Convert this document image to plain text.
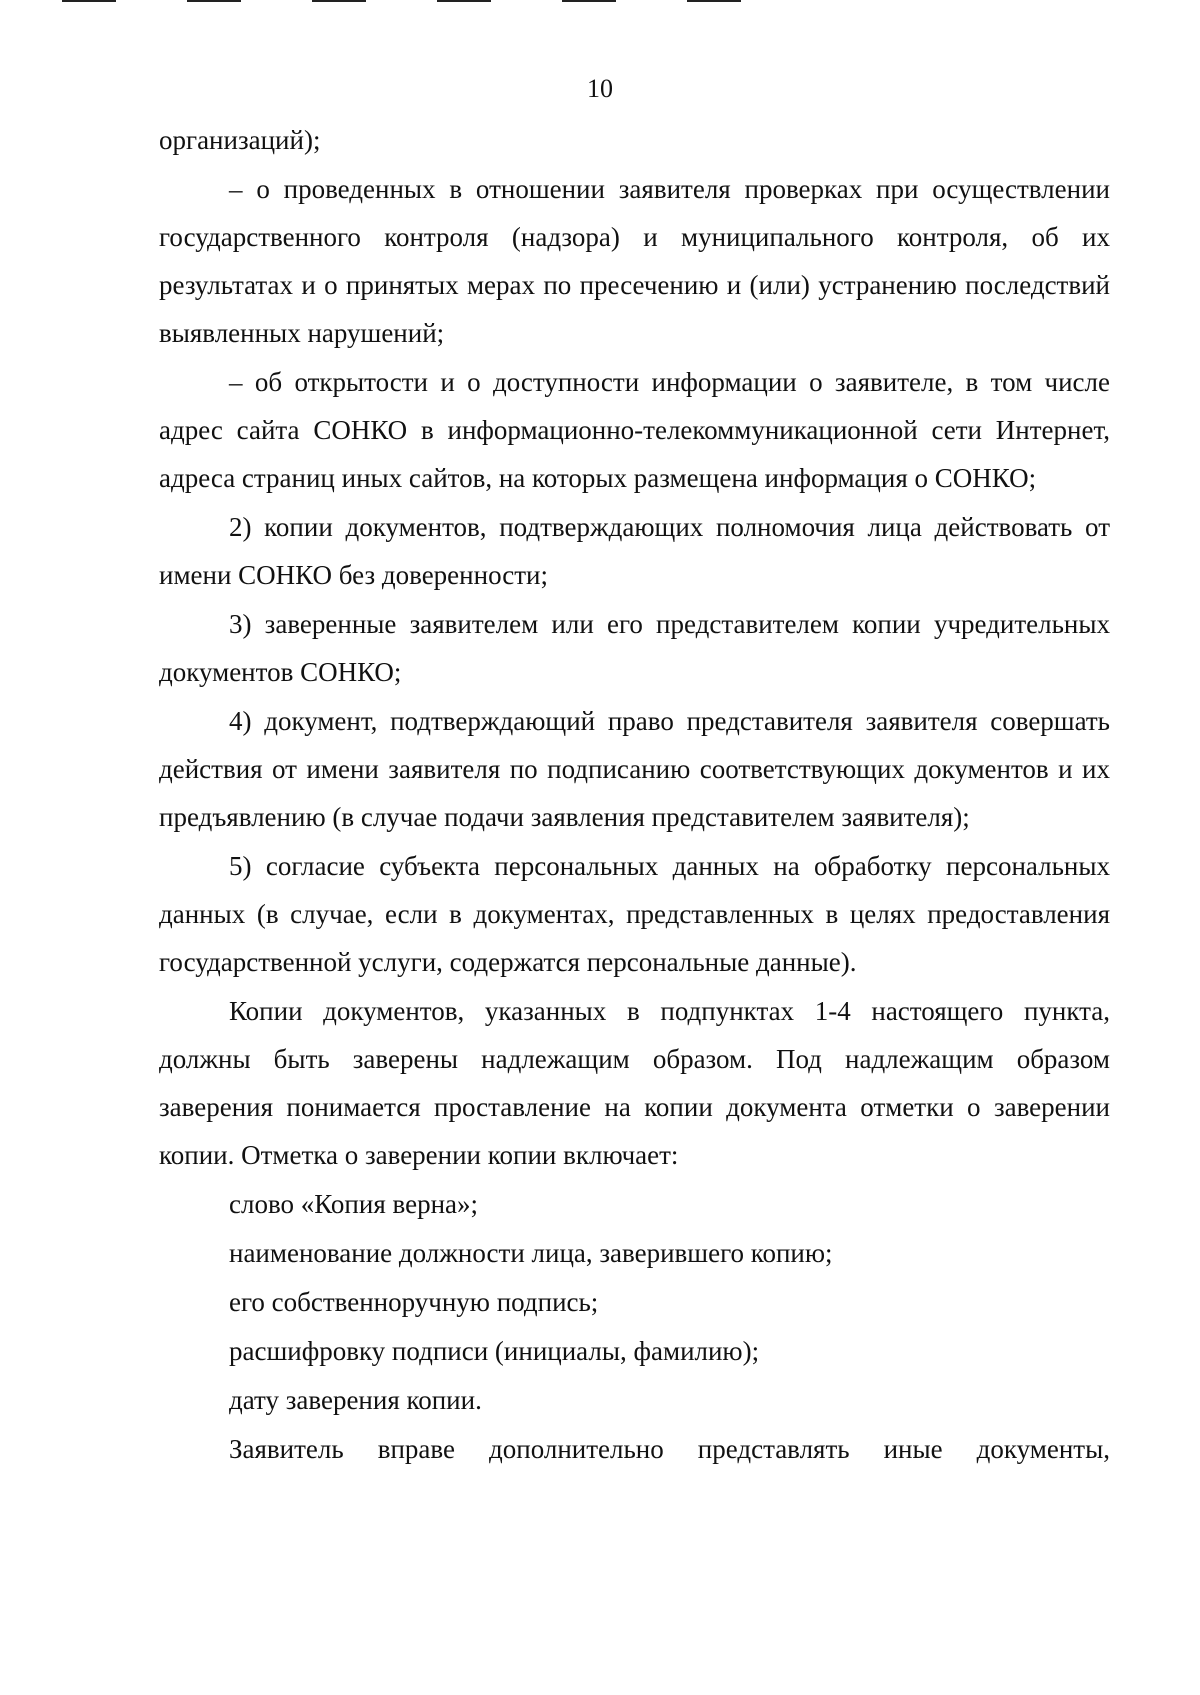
10

организаций);

– о проведенных в отношении заявителя проверках при осуществлении государственного контроля (надзора) и муниципального контроля, об их результатах и о принятых мерах по пресечению и (или) устранению последствий выявленных нарушений;

– об открытости и о доступности информации о заявителе, в том числе адрес сайта СОНКО в информационно-телекоммуникационной сети Интернет, адреса страниц иных сайтов, на которых размещена информация о СОНКО;

2) копии документов, подтверждающих полномочия лица действовать от имени СОНКО без доверенности;

3) заверенные заявителем или его представителем копии учредительных документов СОНКО;

4) документ, подтверждающий право представителя заявителя совершать действия от имени заявителя по подписанию соответствующих документов и их предъявлению (в случае подачи заявления представителем заявителя);

5) согласие субъекта персональных данных на обработку персональных данных (в случае, если в документах, представленных в целях предоставления государственной услуги, содержатся персональные данные).

Копии документов, указанных в подпунктах 1-4 настоящего пункта, должны быть заверены надлежащим образом. Под надлежащим образом заверения понимается проставление на копии документа отметки о заверении копии. Отметка о заверении копии включает:

слово «Копия верна»;

наименование должности лица, заверившего копию;

его собственноручную подпись;

расшифровку подписи (инициалы, фамилию);

дату заверения копии.

Заявитель вправе дополнительно представлять иные документы,
